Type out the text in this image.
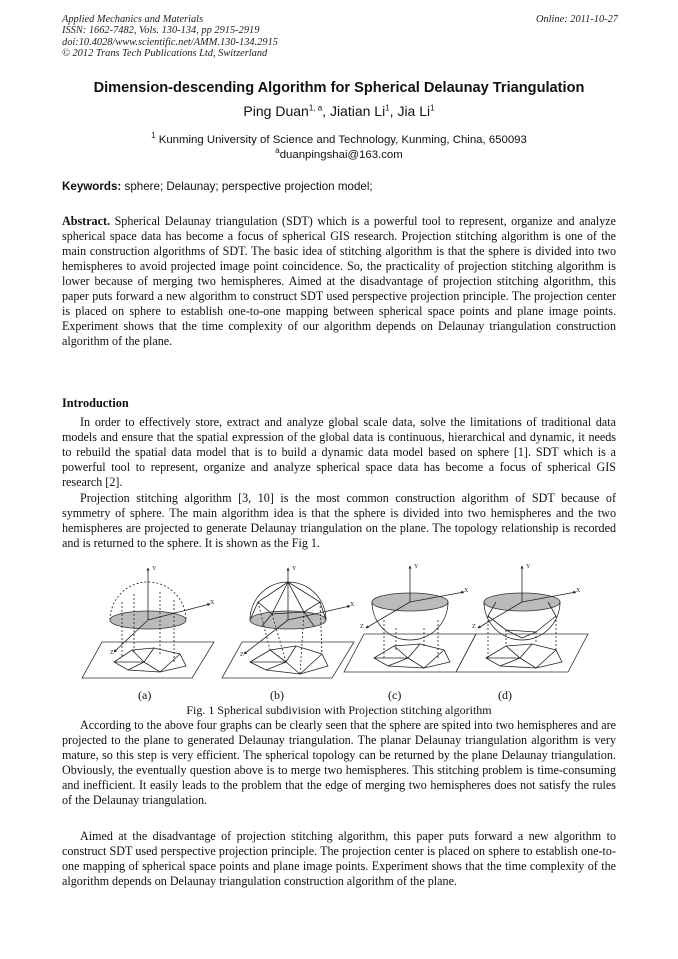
Applied Mechanics and Materials
ISSN: 1662-7482, Vols. 130-134, pp 2915-2919
doi:10.4028/www.scientific.net/AMM.130-134.2915
© 2012 Trans Tech Publications Ltd, Switzerland
Online: 2011-10-27
Dimension-descending Algorithm for Spherical Delaunay Triangulation
Ping Duan$^{1, a}$, Jiatian Li$^1$, Jia Li$^1$
$^1$ Kunming University of Science and Technology, Kunming, China, 650093
$^a$duanpingshai@163.com
Keywords: sphere; Delaunay; perspective projection model;
Abstract. Spherical Delaunay triangulation (SDT) which is a powerful tool to represent, organize and analyze spherical space data has become a focus of spherical GIS research. Projection stitching algorithm is one of the main construction algorithms of SDT. The basic idea of stitching algorithm is that the sphere is divided into two hemispheres to avoid projected image point coincidence. So, the practicality of projection stitching algorithm is lower because of merging two hemispheres. Aimed at the disadvantage of projection stitching algorithm, this paper puts forward a new algorithm to construct SDT used perspective projection principle. The projection center is placed on sphere to establish one-to-one mapping between spherical space points and plane image points. Experiment shows that the time complexity of our algorithm depends on Delaunay triangulation construction algorithm of the plane.
Introduction
In order to effectively store, extract and analyze global scale data, solve the limitations of traditional data models and ensure that the spatial expression of the global data is continuous, hierarchical and dynamic, it needs to rebuild the spatial data model that is to build a dynamic data model based on sphere [1]. SDT which is a powerful tool to represent, organize and analyze spherical space data has become a focus of spherical GIS research [2].
Projection stitching algorithm [3, 10] is the most common construction algorithm of SDT because of symmetry of sphere. The main algorithm idea is that the sphere is divided into two hemispheres and the two hemispheres are projected to generate Delaunay triangulation on the plane. The topology relationship is recorded and is returned to the sphere. It is shown as the Fig 1.
Y
X
Z
Y
X
Z
Y
X
Z
Y
X
Z
(a)	(b)	(c)	(d)
Fig. 1 Spherical subdivision with Projection stitching algorithm
According to the above four graphs can be clearly seen that the sphere are spited into two hemispheres and are projected to the plane to generated Delaunay triangulation. The planar Delaunay triangulation algorithm is very mature, so this step is very efficient. The spherical topology can be returned by the plane Delaunay triangulation. Obviously, the eventually question above is to merge two hemispheres. This stitching problem is time-consuming and inefficient. It easily leads to the problem that the edge of merging two hemispheres does not satisfy the rules of the Delaunay triangulation.
Aimed at the disadvantage of projection stitching algorithm, this paper puts forward a new algorithm to construct SDT used perspective projection principle. The projection center is placed on sphere to establish one-to-one mapping of spherical space points and plane image points. Experiment shows that the time complexity of the algorithm depends on Delaunay triangulation construction algorithm of the plane.
